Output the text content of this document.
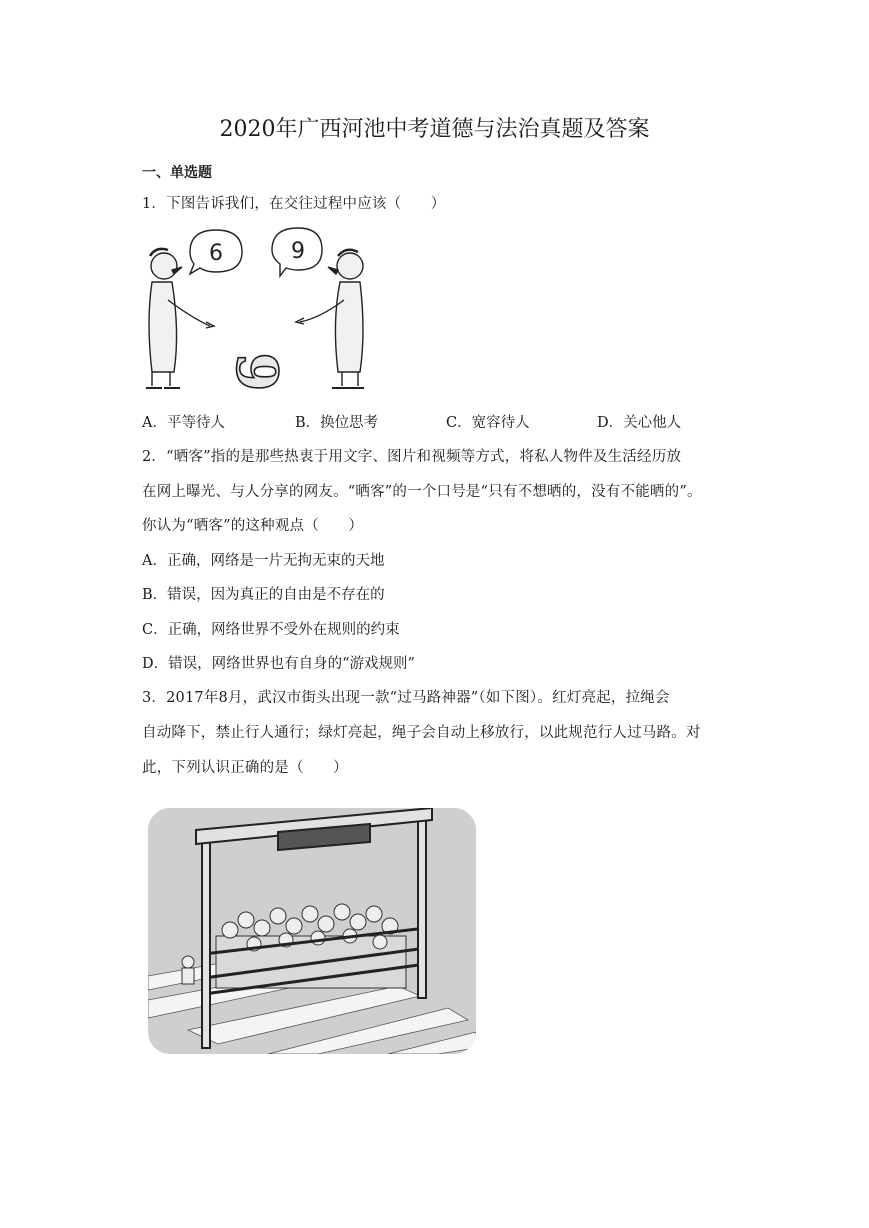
2020年广西河池中考道德与法治真题及答案
一、单选题
1．下图告诉我们，在交往过程中应该（　　）
6	9
6
A．平等待人	B．换位思考	C．宽容待人	D．关心他人
2．“晒客”指的是那些热衷于用文字、图片和视频等方式，将私人物件及生活经历放
在网上曝光、与人分享的网友。“晒客”的一个口号是“只有不想晒的，没有不能晒的”。
你认为“晒客”的这种观点（　　）
A．正确，网络是一片无拘无束的天地
B．错误，因为真正的自由是不存在的
C．正确，网络世界不受外在规则的约束
D．错误，网络世界也有自身的“游戏规则”
3．2017年8月，武汉市街头出现一款“过马路神器”（如下图）。红灯亮起，拉绳会
自动降下，禁止行人通行；绿灯亮起，绳子会自动上移放行，以此规范行人过马路。对
此，下列认识正确的是（　　）
